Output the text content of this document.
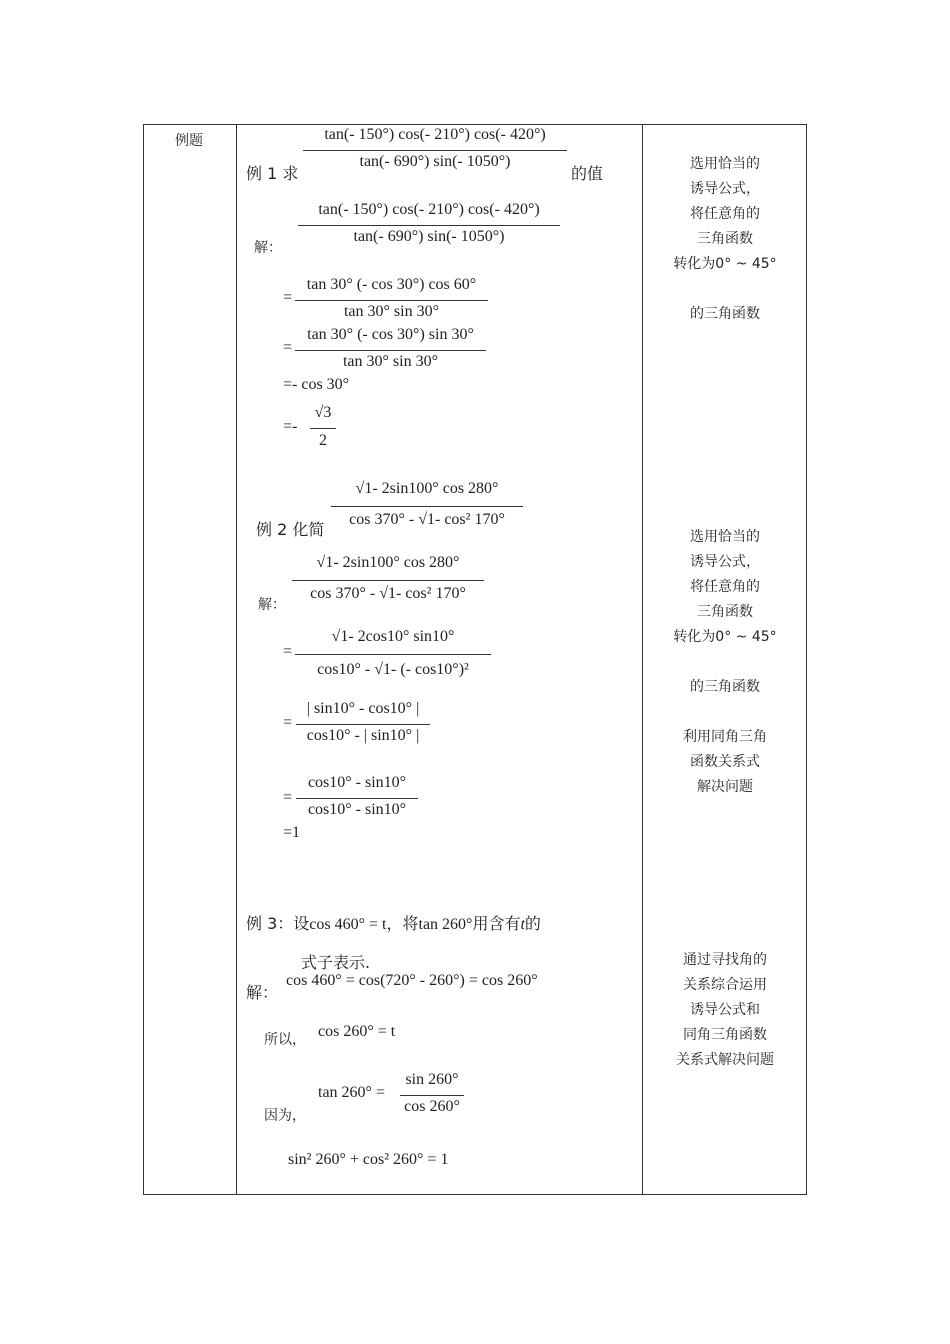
例题	tan(- 150°) cos(- 210°) cos(- 420°)
tan(- 690°) sin(- 1050°)
例 1 求	的值
tan(- 150°) cos(- 210°) cos(- 420°)
tan(- 690°) sin(- 1050°)
解：
=
tan 30° (- cos 30°) cos 60°
tan 30° sin 30°
=
tan 30° (- cos 30°) sin 30°
tan 30° sin 30°
=- cos 30°
=-
√3
2
√1- 2sin100° cos 280°
cos 370° - √1- cos² 170°
例 2 化简
√1- 2sin100° cos 280°
cos 370° - √1- cos² 170°
解：
=
√1- 2cos10° sin10°
cos10° - √1- (- cos10°)²
=
| sin10° - cos10° |
cos10° - | sin10° |
=
cos10° - sin10°
cos10° - sin10°
=1
例 3：设cos 460° = t，将tan 260°用含有t的
式子表示.
解：
cos 460° = cos(720° - 260°) = cos 260°
所以， cos 260° = t
因为，
tan 260° =
sin 260°
cos 260°
sin² 260° + cos² 260° = 1
选用恰当的
诱导公式，
将任意角的
三角函数
转化为0° ~ 45°
的三角函数
选用恰当的
诱导公式，
将任意角的
三角函数
转化为0° ~ 45°
的三角函数
利用同角三角
函数关系式
解决问题
通过寻找角的
关系综合运用
诱导公式和
同角三角函数
关系式解决问题
